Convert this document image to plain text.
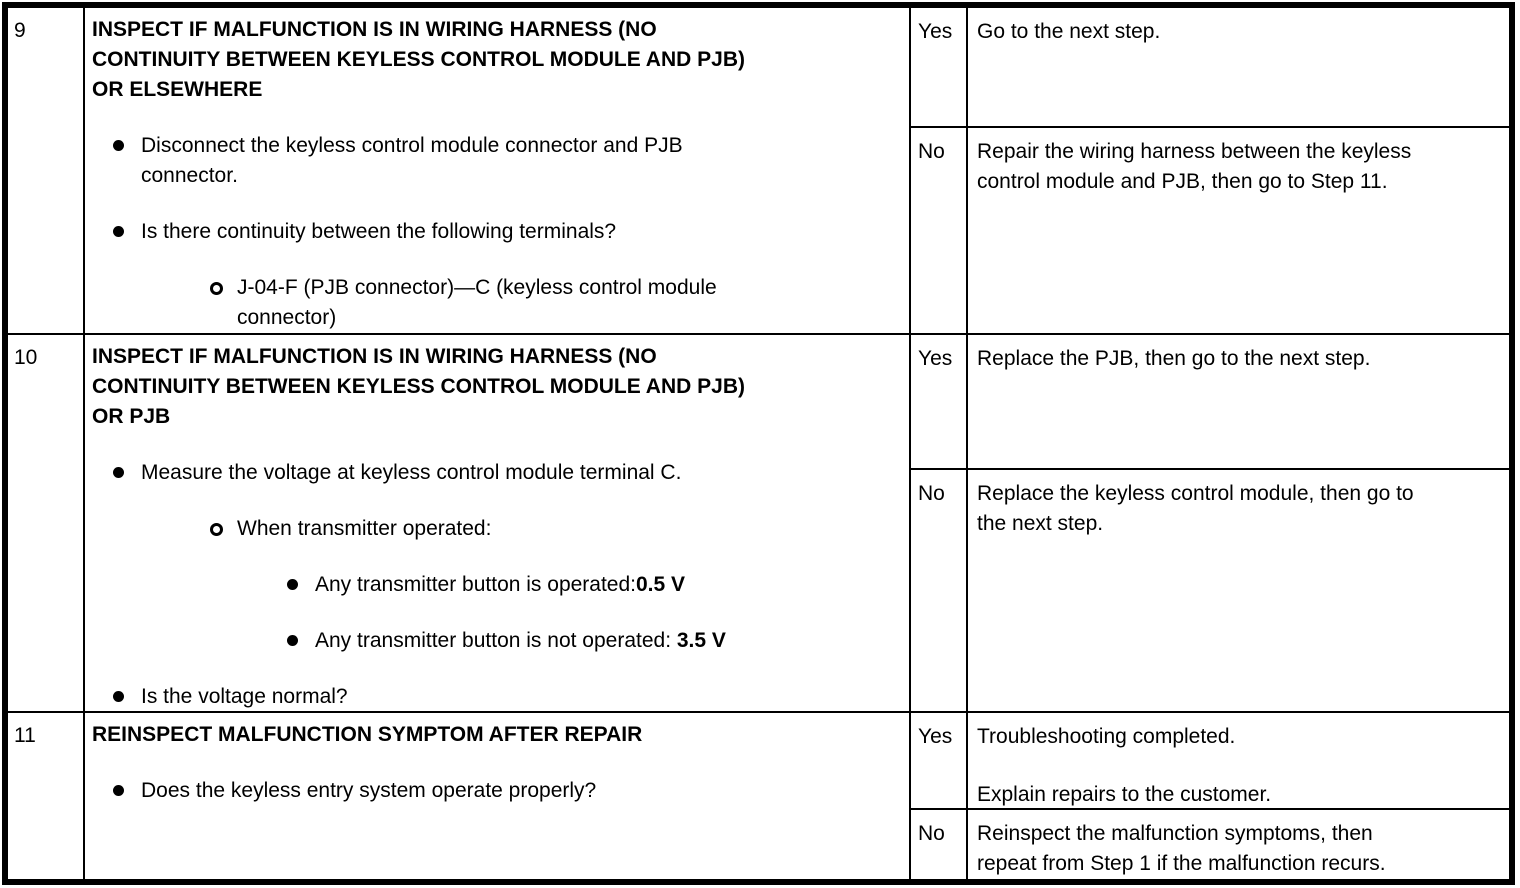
9	INSPECT IF MALFUNCTION IS IN WIRING HARNESS (NO
CONTINUITY BETWEEN KEYLESS CONTROL MODULE AND PJB)
OR ELSEWHERE
Disconnect the keyless control module connector and PJB
connector.
Is there continuity between the following terminals?
J-04-F (PJB connector)—C (keyless control module
connector)
Yes	Go to the next step.
No	Repair the wiring harness between the keyless
control module and PJB, then go to Step 11.
10	INSPECT IF MALFUNCTION IS IN WIRING HARNESS (NO
CONTINUITY BETWEEN KEYLESS CONTROL MODULE AND PJB)
OR PJB
Measure the voltage at keyless control module terminal C.
When transmitter operated:
Any transmitter button is operated:0.5 V
Any transmitter button is not operated: 3.5 V
Is the voltage normal?
Yes	Replace the PJB, then go to the next step.
No	Replace the keyless control module, then go to
the next step.
11	REINSPECT MALFUNCTION SYMPTOM AFTER REPAIR
Does the keyless entry system operate properly?
Yes	Troubleshooting completed.
Explain repairs to the customer.
No	Reinspect the malfunction symptoms, then
repeat from Step 1 if the malfunction recurs.
